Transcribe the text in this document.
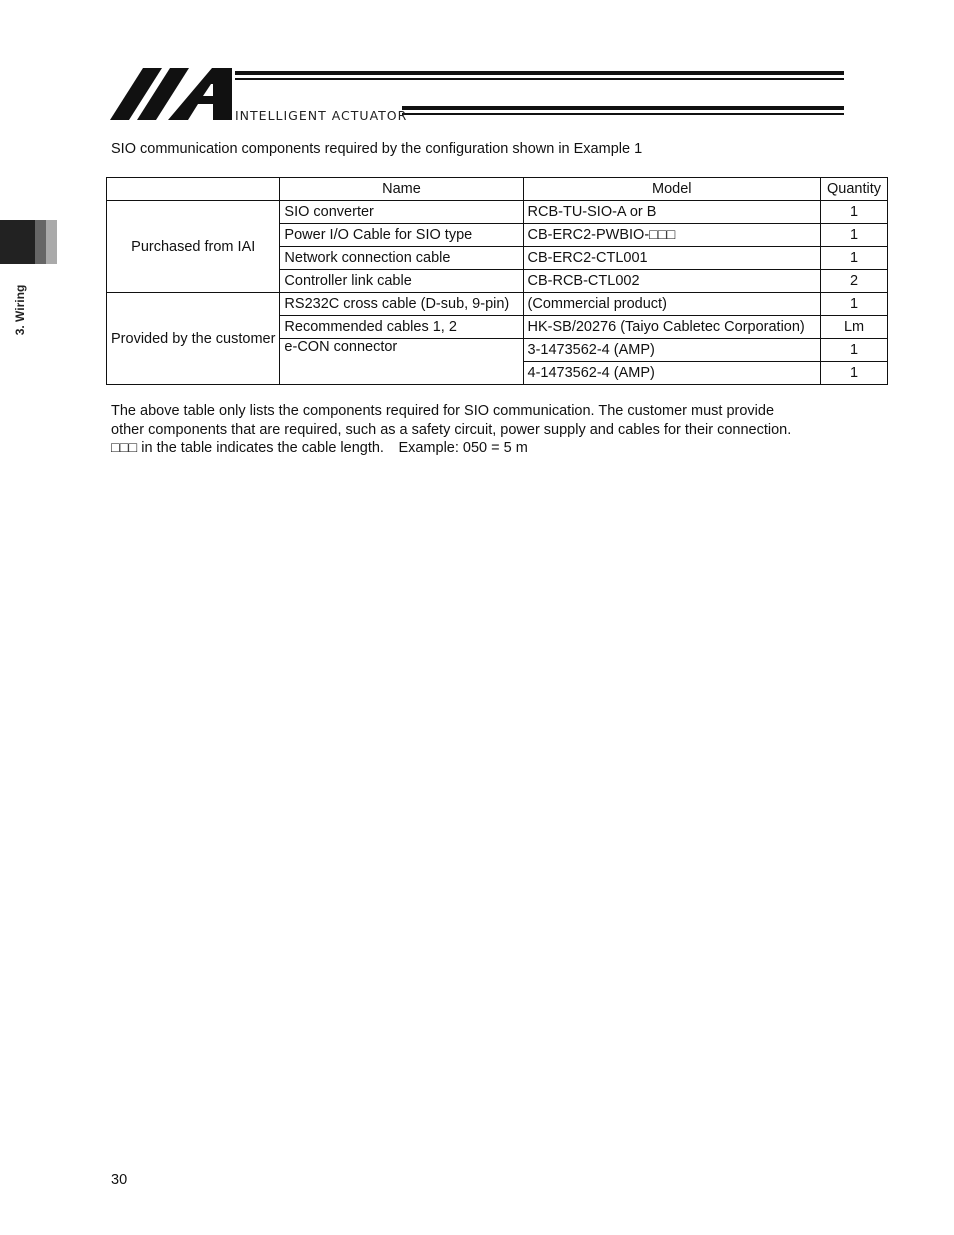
INTELLIGENT ACTUATOR
3. Wiring
SIO communication components required by the configuration shown in Example 1
	Name	Model	Quantity
Purchased from IAI	SIO converter	RCB-TU-SIO-A or B	1
	Power I/O Cable for SIO type	CB-ERC2-PWBIO-□□□	1
	Network connection cable	CB-ERC2-CTL001	1
	Controller link cable	CB-RCB-CTL002	2
Provided by the customer	RS232C cross cable (D-sub, 9-pin)	(Commercial product)	1
	Recommended cables 1, 2	HK-SB/20276 (Taiyo Cabletec Corporation)	Lm
	e-CON connector	3-1473562-4 (AMP)	1
		4-1473562-4 (AMP)	1

The above table only lists the components required for SIO communication. The customer must provide

other components that are required, such as a safety circuit, power supply and cables for their connection.

□□□ in the table indicates the cable length.　Example: 050 = 5 m

30
